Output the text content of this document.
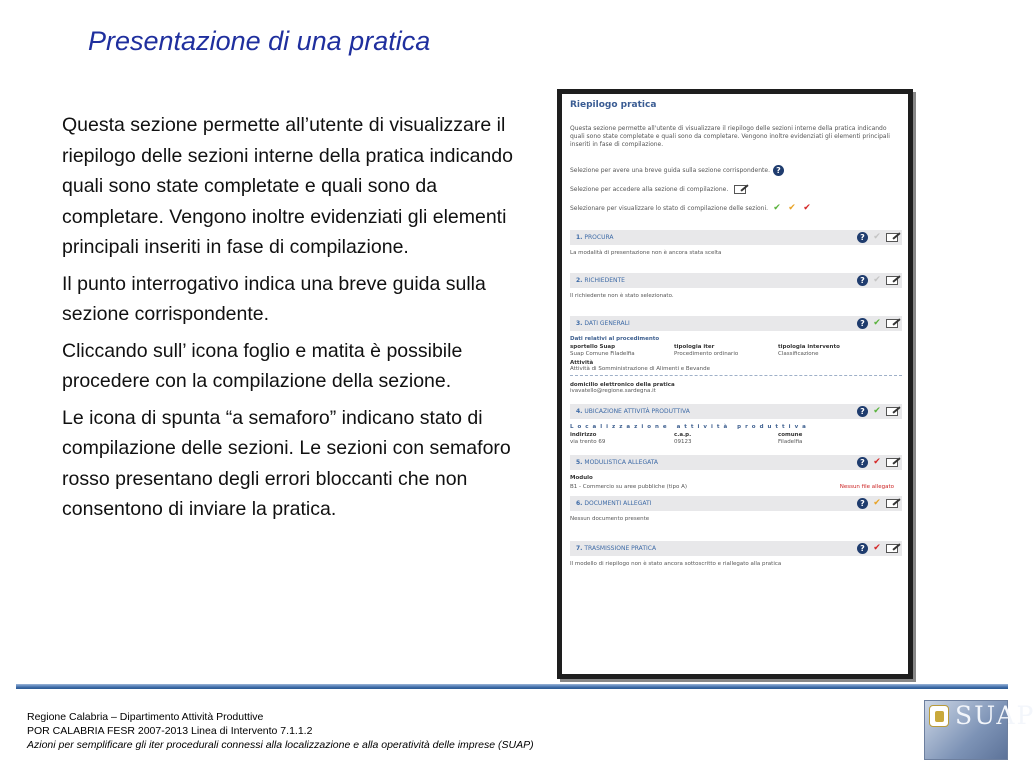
Presentazione di una pratica

Questa sezione permette all’utente di visualizzare il riepilogo delle sezioni interne della pratica indicando quali sono state completate e quali sono da completare. Vengono inoltre evidenziati gli elementi principali inseriti in fase di compilazione.

Il punto interrogativo indica una breve guida sulla sezione corrispondente.

Cliccando sull’ icona foglio e matita è possibile procedere con la compilazione della sezione.

Le icona di spunta “a semaforo” indicano stato di compilazione delle sezioni. Le sezioni con semaforo rosso presentano degli errori bloccanti che non consentono di inviare la pratica.

Riepilogo pratica
Questa sezione permette all'utente di visualizzare il riepilogo delle sezioni interne della pratica indicando quali sono state completate e quali sono da completare. Vengono inoltre evidenziati gli elementi principali inseriti in fase di compilazione.
Selezione per avere una breve guida sulla sezione corrispondente. ?
Selezione per accedere alla sezione di compilazione.
Selezionare per visualizzare lo stato di compilazione delle sezioni. ✔ ✔ ✔
1. PROCURA	? ✔
La modalità di presentazione non è ancora stata scelta
2. RICHIEDENTE	? ✔
Il richiedente non è stato selezionato.
3. DATI GENERALI	? ✔
Dati relativi al procedimento
sportello Suap	tipologia iter	tipologia intervento
Suap Comune Filadelfia	Procedimento ordinario	Classificazione
Attività
Attività di Somministrazione di Alimenti e Bevande
domicilio elettronico della pratica
ivavatello@regione.sardegna.it
4. UBICAZIONE ATTIVITÀ PRODUTTIVA	? ✔
Localizzazione attività produttiva
indirizzo	c.a.p.	comune
via trento 69	09123	Filadelfia
5. MODULISTICA ALLEGATA	? ✔
Modulo
B1 - Commercio su aree pubbliche (tipo A)	Nessun file allegato
6. DOCUMENTI ALLEGATI	? ✔
Nessun documento presente
7. TRASMISSIONE PRATICA	? ✔
Il modello di riepilogo non è stato ancora sottoscritto e riallegato alla pratica
Regione Calabria – Dipartimento Attività Produttive
POR CALABRIA FESR 2007-2013 Linea di Intervento 7.1.1.2
Azioni per semplificare gli iter procedurali connessi alla localizzazione e alla operatività delle imprese (SUAP)
SUAP
